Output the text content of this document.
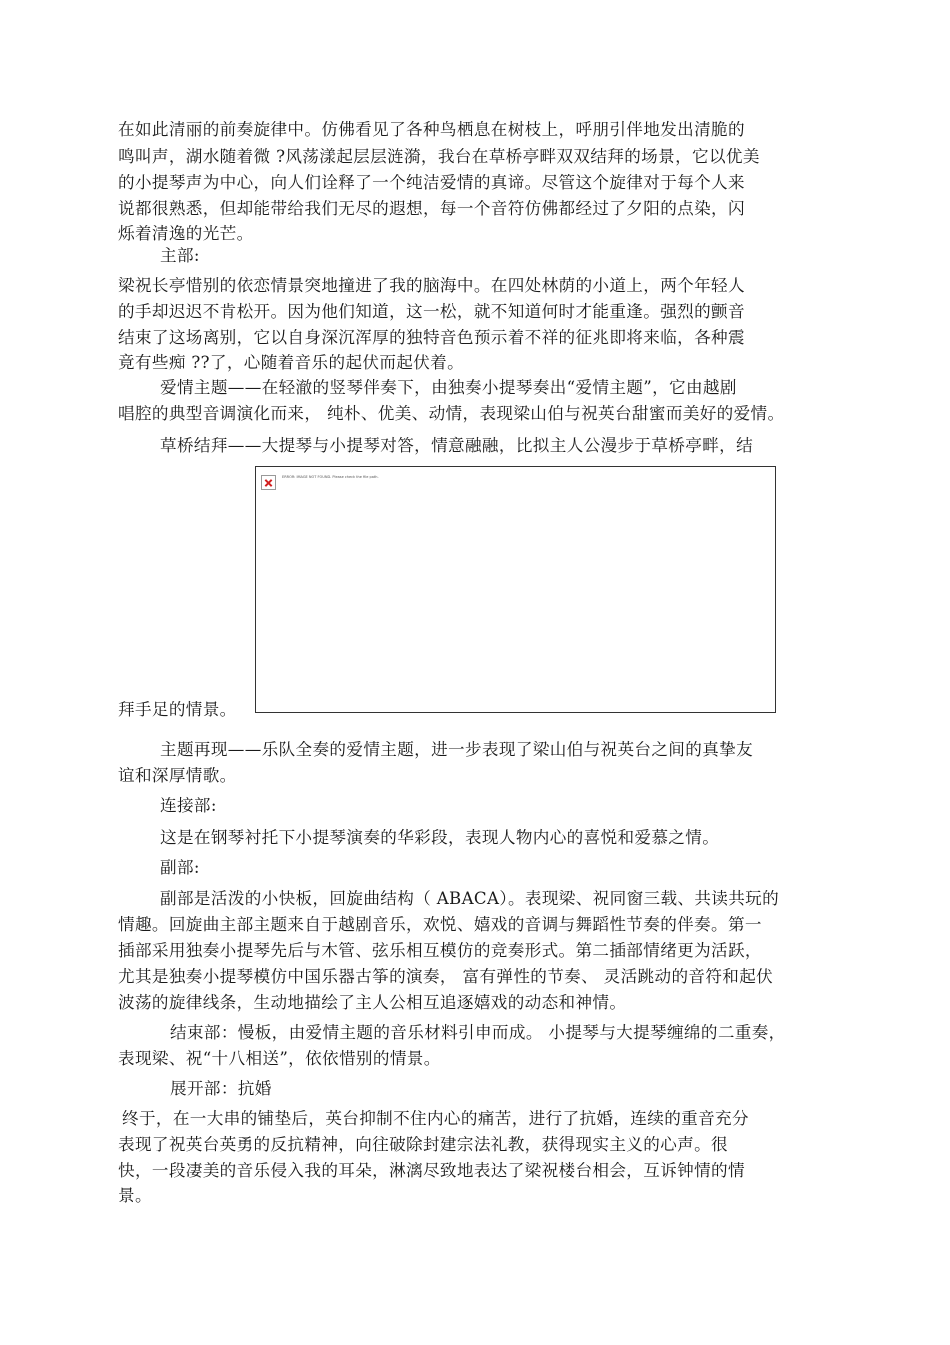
在如此清丽的前奏旋律中。仿佛看见了各种鸟栖息在树枝上，呼朋引伴地发出清脆的

鸣叫声，湖水随着微 ?风荡漾起层层涟漪，我台在草桥亭畔双双结拜的场景，它以优美

的小提琴声为中心，向人们诠释了一个纯洁爱情的真谛。尽管这个旋律对于每个人来

说都很熟悉，但却能带给我们无尽的遐想，每一个音符仿佛都经过了夕阳的点染，闪

烁着清逸的光芒。

主部:

梁祝长亭惜别的依恋情景突地撞进了我的脑海中。在四处林荫的小道上，两个年轻人

的手却迟迟不肯松开。因为他们知道，这一松，就不知道何时才能重逢。强烈的颤音

结束了这场离别，它以自身深沉浑厚的独特音色预示着不祥的征兆即将来临，各种震

竟有些痴 ??了，心随着音乐的起伏而起伏着。

爱情主题——在轻澈的竖琴伴奏下，由独奏小提琴奏出“爱情主题”，它由越剧

唱腔的典型音调演化而来， 纯朴、优美、动情，表现梁山伯与祝英台甜蜜而美好的爱情。

草桥结拜——大提琴与小提琴对答，情意融融，比拟主人公漫步于草桥亭畔，结

ERROR: IMAGE NOT FOUND. Please check the file path.

拜手足的情景。

主题再现——乐队全奏的爱情主题，进一步表现了梁山伯与祝英台之间的真挚友

谊和深厚情歌。

连接部:

这是在钢琴衬托下小提琴演奏的华彩段，表现人物内心的喜悦和爱慕之情。

副部:

副部是活泼的小快板，回旋曲结构（ ABACA）。表现梁、祝同窗三载、共读共玩的

情趣。回旋曲主部主题来自于越剧音乐，欢悦、嬉戏的音调与舞蹈性节奏的伴奏。第一

插部采用独奏小提琴先后与木管、弦乐相互模仿的竞奏形式。第二插部情绪更为活跃，

尤其是独奏小提琴模仿中国乐器古筝的演奏， 富有弹性的节奏、 灵活跳动的音符和起伏

波荡的旋律线条，生动地描绘了主人公相互追逐嬉戏的动态和神情。

结束部：慢板，由爱情主题的音乐材料引申而成。 小提琴与大提琴缠绵的二重奏，

表现梁、祝“十八相送”，依依惜别的情景。

展开部：抗婚

终于，在一大串的铺垫后，英台抑制不住内心的痛苦，进行了抗婚，连续的重音充分

表现了祝英台英勇的反抗精神，向往破除封建宗法礼教，获得现实主义的心声。很

快，一段凄美的音乐侵入我的耳朵，淋漓尽致地表达了梁祝楼台相会，互诉钟情的情

景。
